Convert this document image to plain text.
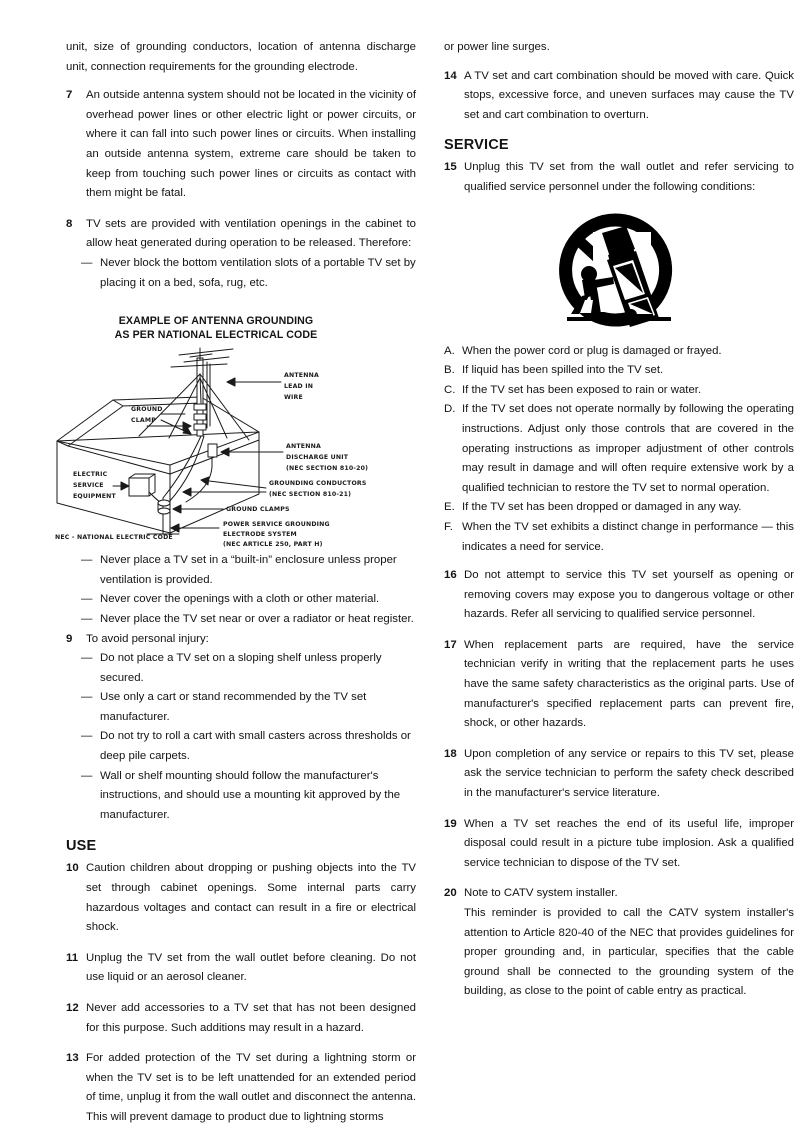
unit, size of grounding conductors, location of antenna discharge unit, connection requirements for the grounding electrode.

7	An outside antenna system should not be located in the vicinity of overhead power lines or other electric light or power circuits, or where it can fall into such power lines or circuits. When installing an outside antenna system, extreme care should be taken to keep from touching such power lines or circuits as contact with them might be fatal.
8	TV sets are provided with ventilation openings in the cabinet to allow heat generated during operation to be released. Therefore:
— Never block the bottom ventilation slots of a portable TV set by placing it on a bed, sofa, rug, etc.
EXAMPLE OF ANTENNA GROUNDING
AS PER NATIONAL ELECTRICAL CODE
ANTENNA
LEAD IN
WIRE
GROUND
CLAMP
ANTENNA
DISCHARGE UNIT
(NEC SECTION 810-20)
ELECTRIC
SERVICE
EQUIPMENT
GROUNDING CONDUCTORS
(NEC SECTION 810-21)
GROUND CLAMPS
POWER SERVICE GROUNDING
ELECTRODE SYSTEM
(NEC ARTICLE 250, PART H)
NEC - NATIONAL ELECTRIC CODE
— Never place a TV set in a “built-in” enclosure unless proper ventilation is provided.
— Never cover the openings with a cloth or other material.
— Never place the TV set near or over a radiator or heat register.
9	To avoid personal injury:
— Do not place a TV set on a sloping shelf unless properly secured.
— Use only a cart or stand recommended by the TV set manufacturer.
— Do not try to roll a cart with small casters across thresholds or deep pile carpets.
— Wall or shelf mounting should follow the manufacturer's instructions, and should use a mounting kit approved by the manufacturer.
USE
10 Caution children about dropping or pushing objects into the TV set through cabinet openings. Some internal parts carry hazardous voltages and contact can result in a fire or electrical shock.
11 Unplug the TV set from the wall outlet before cleaning. Do not use liquid or an aerosol cleaner.
12 Never add accessories to a TV set that has not been designed for this purpose. Such additions may result in a hazard.
13 For added protection of the TV set during a lightning storm or when the TV set is to be left unattended for an extended period of time, unplug it from the wall outlet and disconnect the antenna. This will prevent damage to product due to lightning storms

or power line surges.

14 A TV set and cart combination should be moved with care. Quick stops, excessive force, and uneven surfaces may cause the TV set and cart combination to overturn.
SERVICE
15 Unplug this TV set from the wall outlet and refer servicing to qualified service personnel under the following conditions:
A. When the power cord or plug is damaged or frayed.
B. If liquid has been spilled into the TV set.
C. If the TV set has been exposed to rain or water.
D. If the TV set does not operate normally by following the operating instructions. Adjust only those controls that are covered in the operating instructions as improper adjustment of other controls may result in damage and will often require extensive work by a qualified technician to restore the TV set to normal operation.
E. If the TV set has been dropped or damaged in any way.
F. When the TV set exhibits a distinct change in performance — this indicates a need for service.
16 Do not attempt to service this TV set yourself as opening or removing covers may expose you to dangerous voltage or other hazards. Refer all servicing to qualified service personnel.
17 When replacement parts are required, have the service technician verify in writing that the replacement parts he uses have the same safety characteristics as the original parts. Use of manufacturer's specified replacement parts can prevent fire, shock, or other hazards.
18 Upon completion of any service or repairs to this TV set, please ask the service technician to perform the safety check described in the manufacturer's service literature.
19 When a TV set reaches the end of its useful life, improper disposal could result in a picture tube implosion. Ask a qualified service technician to dispose of the TV set.
20 Note to CATV system installer.
This reminder is provided to call the CATV system installer's attention to Article 820-40 of the NEC that provides guidelines for proper grounding and, in particular, specifies that the cable ground shall be connected to the grounding system of the building, as close to the point of cable entry as practical.
